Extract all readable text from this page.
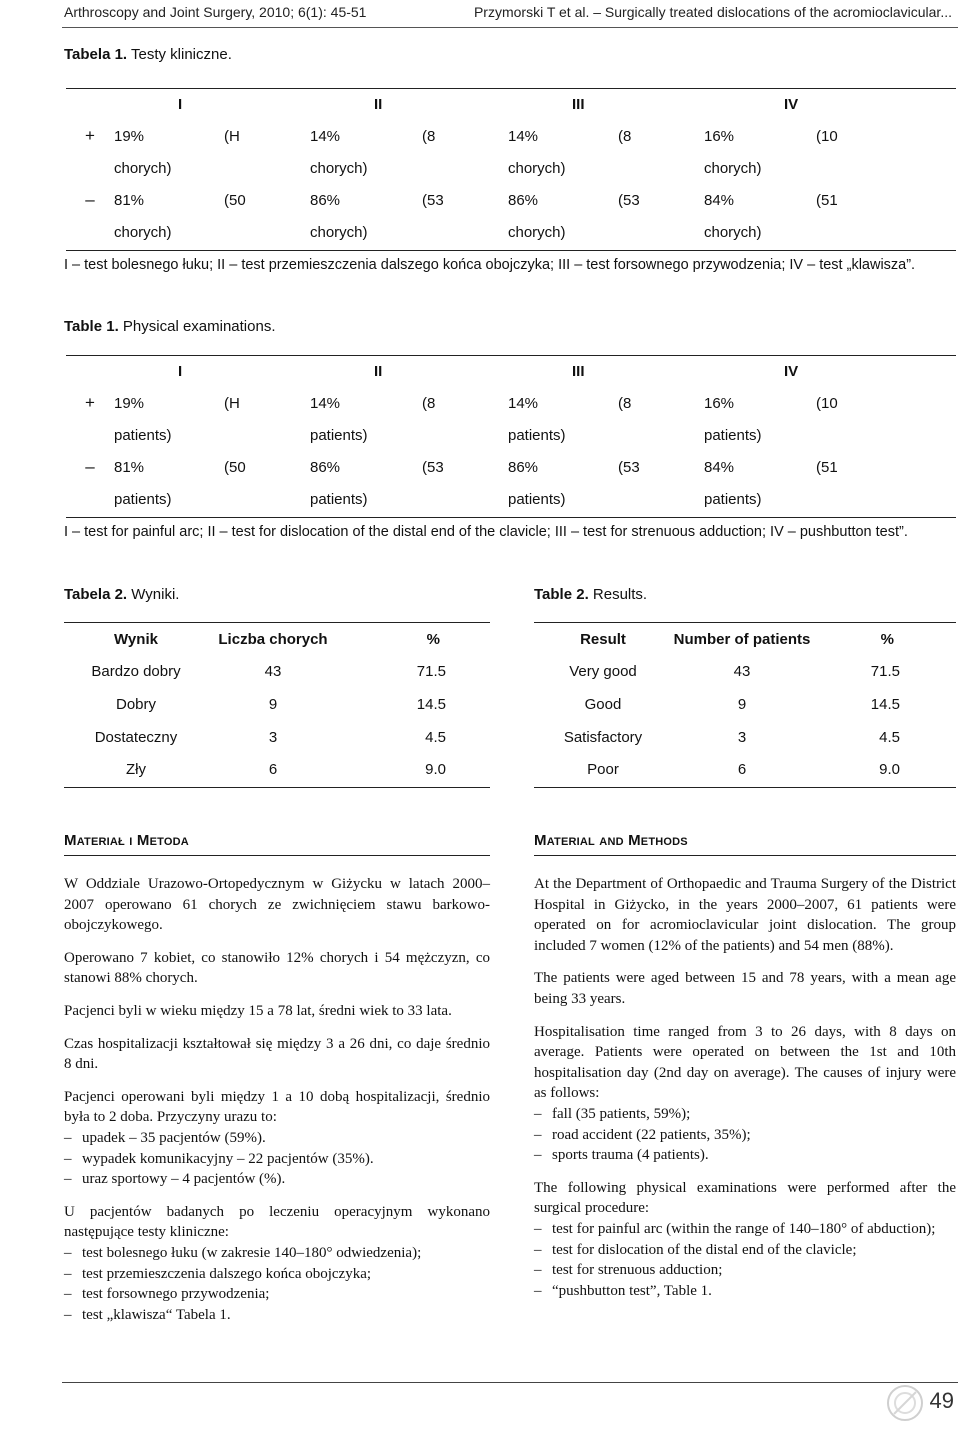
Arthroscopy and Joint Surgery, 2010; 6(1): 45-51	Przymorski T et al. – Surgically treated dislocations of the acromioclavicular...
Tabela 1. Testy kliniczne.
	I		II		III		IV	
+	19%	(H	14%	(8	14%	(8	16%	(10
	chorych)		chorych)		chorych)		chorych)	
–	81%	(50	86%	(53	86%	(53	84%	(51
	chorych)		chorych)		chorych)		chorych)	
I – test bolesnego łuku; II – test przemieszczenia dalszego końca obojczyka; III – test forsownego przywodzenia; IV – test „klawisza”.
Table 1. Physical examinations.
	I		II		III		IV	
+	19%	(H	14%	(8	14%	(8	16%	(10
	patients)		patients)		patients)		patients)	
–	81%	(50	86%	(53	86%	(53	84%	(51
	patients)		patients)		patients)		patients)	
I – test for painful arc; II – test for dislocation of the distal end of the clavicle; III – test for strenuous adduction; IV – pushbutton test”.
Tabela 2. Wyniki.
Wynik	Liczba chorych	%
Bardzo dobry	43	71.5
Dobry	9	14.5
Dostateczny	3	4.5
Zły	6	9.0
Table 2. Results.
Result	Number of patients	%
Very good	43	71.5
Good	9	14.5
Satisfactory	3	4.5
Poor	6	9.0
Materiał i Metoda

W Oddziale Urazowo-Ortopedycznym w Giżycku w latach 2000–2007 operowano 61 chorych ze zwichnięciem stawu barkowo-obojczykowego.

Operowano 7 kobiet, co stanowiło 12% chorych i 54 mężczyzn, co stanowi 88% chorych.

Pacjenci byli w wieku między 15 a 78 lat, średni wiek to 33 lata.

Czas hospitalizacji kształtował się między 3 a 26 dni, co daje średnio 8 dni.

Pacjenci operowani byli między 1 a 10 dobą hospitalizacji, średnio była to 2 doba. Przyczyny urazu to:

– upadek – 35 pacjentów (59%).
– wypadek komunikacyjny – 22 pacjentów (35%).
– uraz sportowy – 4 pacjentów (%).

U pacjentów badanych po leczeniu operacyjnym wykonano następujące testy kliniczne:

– test bolesnego łuku (w zakresie 140–180° odwiedzenia);
– test przemieszczenia dalszego końca obojczyka;
– test forsownego przywodzenia;
– test „klawisza“ Tabela 1.
Material and Methods

At the Department of Orthopaedic and Trauma Surgery of the District Hospital in Giżycko, in the years 2000–2007, 61 patients were operated on for acromioclavicular joint dislocation. The group included 7 women (12% of the patients) and 54 men (88%).

The patients were aged between 15 and 78 years, with a mean age being 33 years.

Hospitalisation time ranged from 3 to 26 days, with 8 days on average. Patients were operated on between the 1st and 10th hospitalisation day (2nd day on average). The causes of injury were as follows:

– fall (35 patients, 59%);
– road accident (22 patients, 35%);
– sports trauma (4 patients).

The following physical examinations were performed after the surgical procedure:

– test for painful arc (within the range of 140–180° of abduction);
– test for dislocation of the distal end of the clavicle;
– test for strenuous adduction;
– “pushbutton test”, Table 1.
49
